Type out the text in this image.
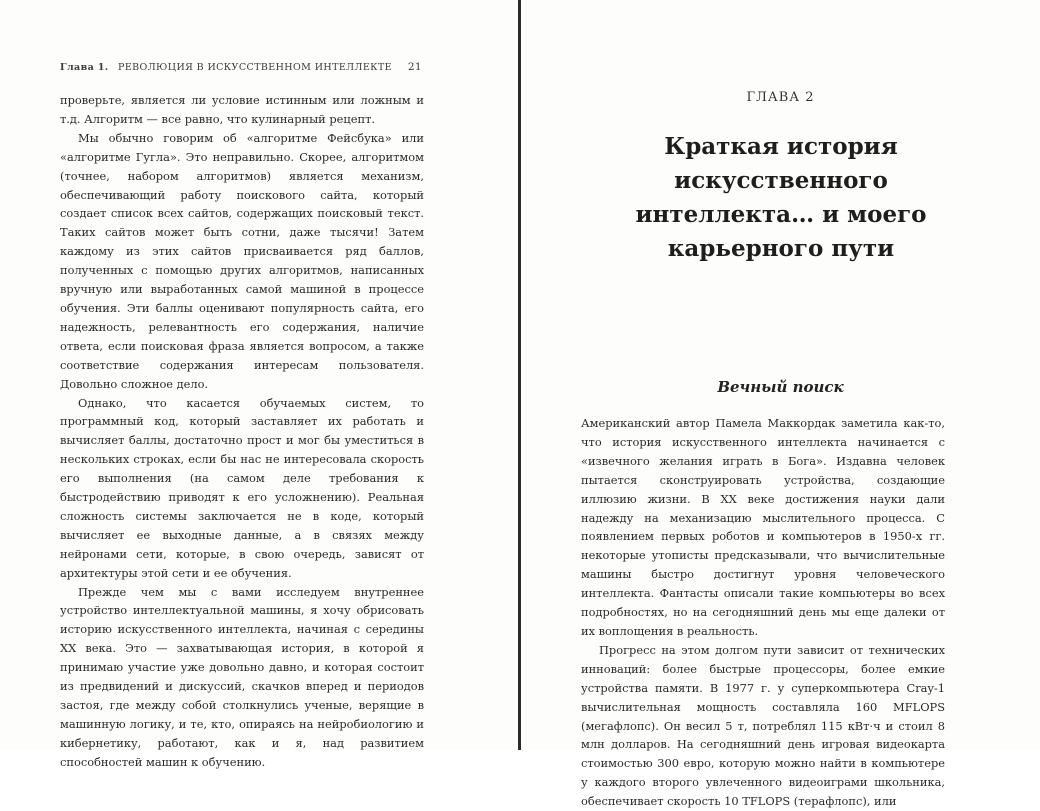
Глава 1. РЕВОЛЮЦИЯ В ИСКУССТВЕННОМ ИНТЕЛЛЕКТЕ 21

проверьте, является ли условие истинным или ложным и т.д. Алгоритм — все равно, что кулинарный рецепт.

Мы обычно говорим об «алгоритме Фейсбука» или «алгоритме Гугла». Это неправильно. Скорее, алгоритмом (точнее, набором алгоритмов) является механизм, обеспечивающий работу поискового сайта, который создает список всех сайтов, содержащих поисковый текст. Таких сайтов может быть сотни, даже тысячи! Затем каждому из этих сайтов присваивается ряд баллов, полученных с помощью других алгоритмов, написанных вручную или выработанных самой машиной в процессе обучения. Эти баллы оценивают популярность сайта, его надежность, релевантность его содержания, наличие ответа, если поисковая фраза является вопросом, а также соответствие содержания интересам пользователя. Довольно сложное дело.

Однако, что касается обучаемых систем, то программный код, который заставляет их работать и вычисляет баллы, достаточно прост и мог бы уместиться в нескольких строках, если бы нас не интересовала скорость его выполнения (на самом деле требования к быстродействию приводят к его усложнению). Реальная сложность системы заключается не в коде, который вычисляет ее выходные данные, а в связях между нейронами сети, которые, в свою очередь, зависят от архитектуры этой сети и ее обучения.

Прежде чем мы с вами исследуем внутреннее устройство интеллектуальной машины, я хочу обрисовать историю искусственного интеллекта, начиная с середины XX века. Это — захватывающая история, в которой я принимаю участие уже довольно давно, и которая состоит из предвидений и дискуссий, скачков вперед и периодов застоя, где между собой столкнулись ученые, верящие в машинную логику, и те, кто, опираясь на нейробиологию и кибернетику, работают, как и я, над развитием способностей машин к обучению.

ГЛАВА 2
Краткая история
искусственного
интеллекта… и моего
карьерного пути
Вечный поиск

Американский автор Памела Маккордак заметила как-то, что история искусственного интеллекта начинается с «извечного желания играть в Бога». Издавна человек пытается сконструировать устройства, создающие иллюзию жизни. В XX веке достижения науки дали надежду на механизацию мыслительного процесса. С появлением первых роботов и компьютеров в 1950-х гг. некоторые утописты предсказывали, что вычислительные машины быстро достигнут уровня человеческого интеллекта. Фантасты описали такие компьютеры во всех подробностях, но на сегодняшний день мы еще далеки от их воплощения в реальность.

Прогресс на этом долгом пути зависит от технических инноваций: более быстрые процессоры, более емкие устройства памяти. В 1977 г. у суперкомпьютера Cray-1 вычислительная мощность составляла 160 MFLOPS (мегафлопс). Он весил 5 т, потреблял 115 кВт·ч и стоил 8 млн долларов. На сегодняшний день игровая видеокарта стоимостью 300 евро, которую можно найти в компьютере у каждого второго увлеченного видеоиграми школьника, обеспечивает скорость 10 TFLOPS (терафлопс), или
